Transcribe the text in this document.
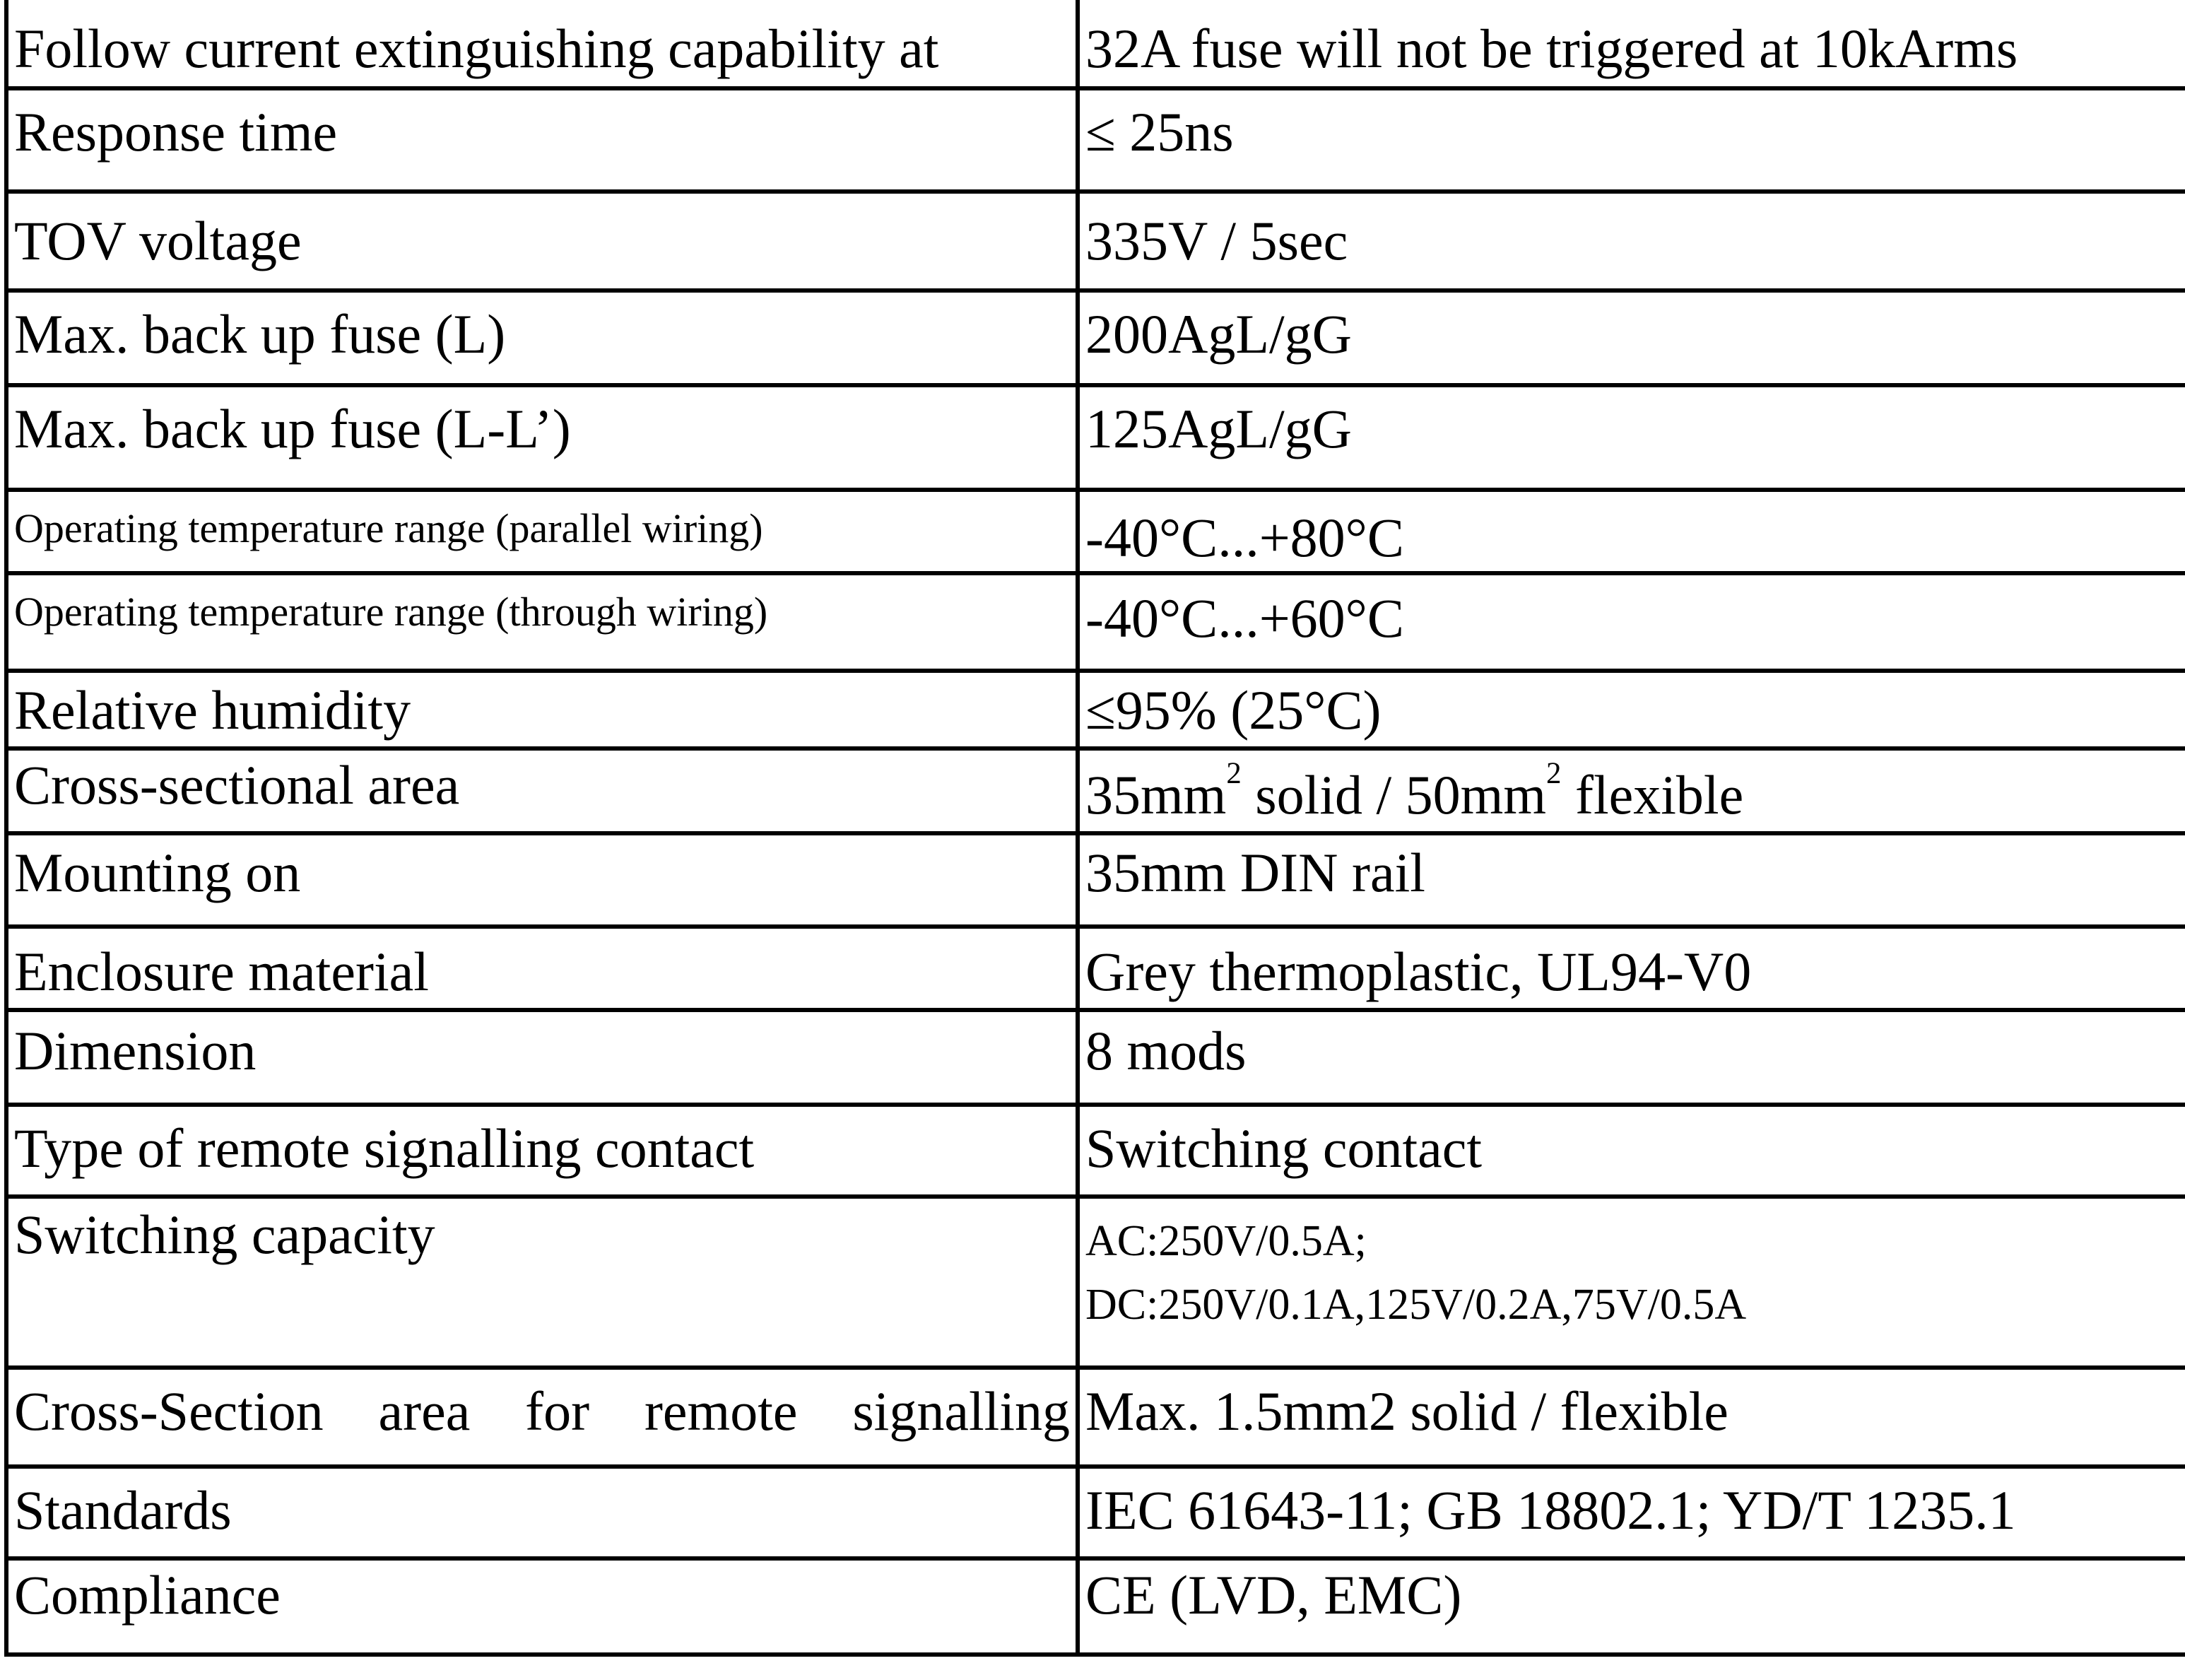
Follow current extinguishing capability at	32A fuse will not be triggered at 10kArms

Response time	≤ 25ns

TOV voltage	335V / 5sec

Max. back up fuse (L)	200AgL/gG

Max. back up fuse (L-L’)	125AgL/gG

Operating temperature range (parallel wiring)	-40°C...+80°C

Operating temperature range (through wiring)	-40°C...+60°C

Relative humidity	≤95% (25°C)

Cross-sectional area	$35mm^2$ solid / $50mm^2$ flexible

Mounting on	35mm DIN rail

Enclosure material	Grey thermoplastic, UL94-V0

Dimension	8 mods

Type of remote signalling contact	Switching contact

Switching capacity	AC:250V/0.5A;
DC:250V/0.1A,125V/0.2A,75V/0.5A

Cross-Section area for remote signalling	Max. 1.5mm2 solid / flexible

Standards	IEC 61643-11; GB 18802.1; YD/T 1235.1

Compliance	CE (LVD, EMC)
